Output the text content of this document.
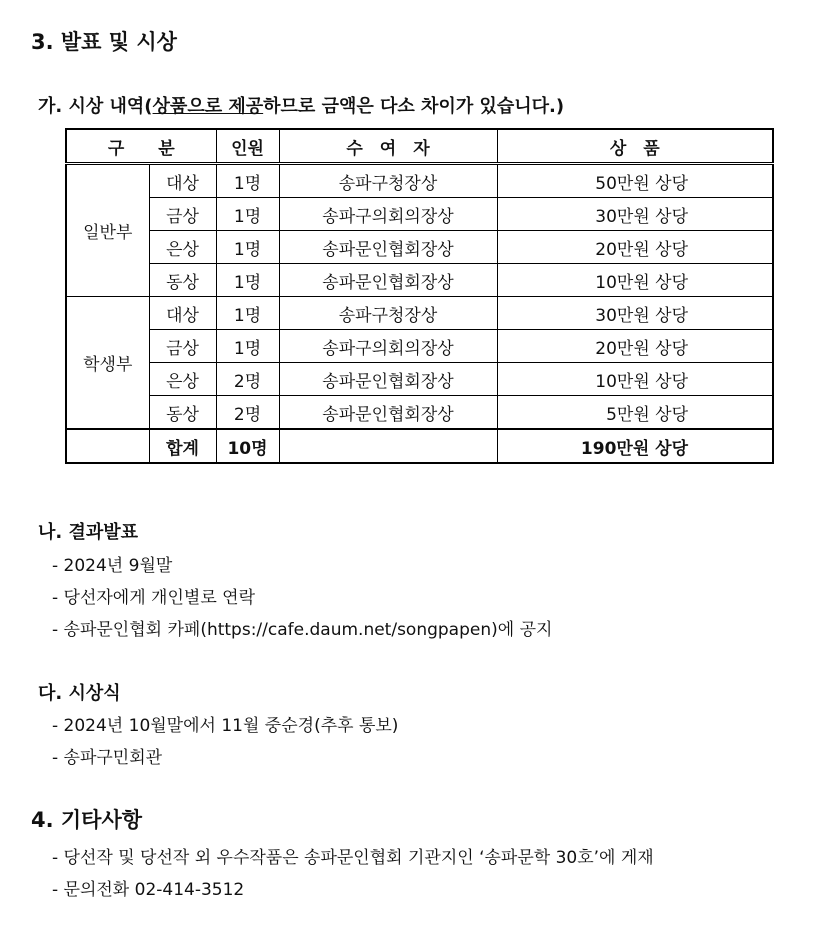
3. 발표 및 시상
가. 시상 내역(상품으로 제공하므로 금액은 다소 차이가 있습니다.)
구　　분		인원	수　여　자	상　품
일반부	대상	1명	송파구청장상	50만원 상당
	금상	1명	송파구의회의장상	30만원 상당
	은상	1명	송파문인협회장상	20만원 상당
	동상	1명	송파문인협회장상	10만원 상당
학생부	대상	1명	송파구청장상	30만원 상당
	금상	1명	송파구의회의장상	20만원 상당
	은상	2명	송파문인협회장상	10만원 상당
	동상	2명	송파문인협회장상	5만원 상당
	합계	10명		190만원 상당
나. 결과발표
- 2024년 9월말
- 당선자에게 개인별로 연락
- 송파문인협회 카페(https://cafe.daum.net/songpapen)에 공지
다. 시상식
- 2024년 10월말에서 11월 중순경(추후 통보)
- 송파구민회관
4. 기타사항
- 당선작 및 당선작 외 우수작품은 송파문인협회 기관지인 ‘송파문학 30호’에 게재
- 문의전화 02-414-3512
